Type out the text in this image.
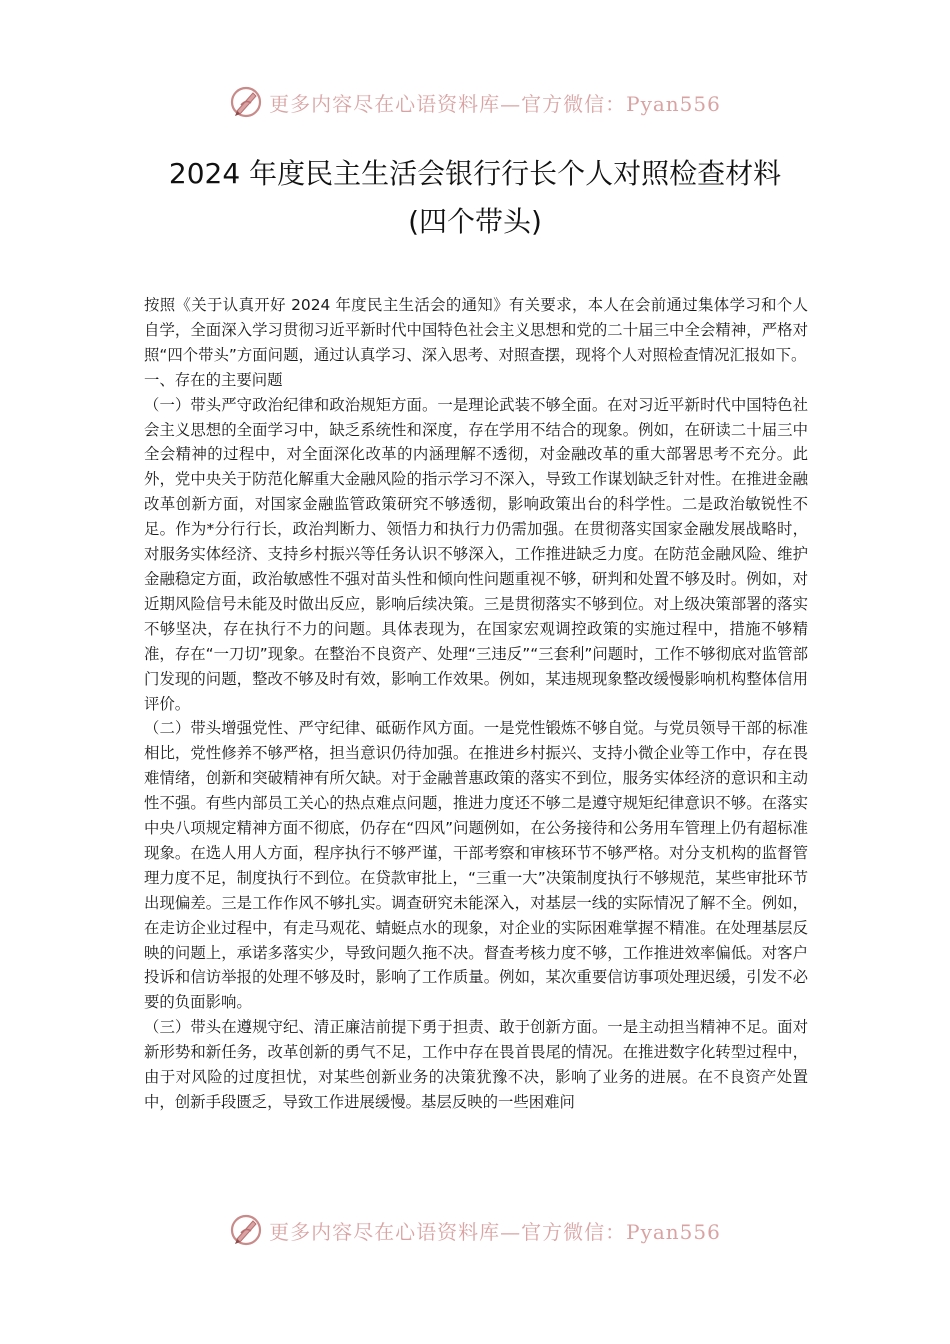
更多内容尽在心语资料库—官方微信：Pyan556
2024 年度民主生活会银行行长个人对照检查材料
(四个带头)

按照《关于认真开好 2024 年度民主生活会的通知》有关要求，本人在会前通过集体学习和个人自学，全面深入学习贯彻习近平新时代中国特色社会主义思想和党的二十届三中全会精神，严格对照“四个带头”方面问题，通过认真学习、深入思考、对照查摆，现将个人对照检查情况汇报如下。

一、存在的主要问题

（一）带头严守政治纪律和政治规矩方面。一是理论武装不够全面。在对习近平新时代中国特色社会主义思想的全面学习中，缺乏系统性和深度，存在学用不结合的现象。例如，在研读二十届三中全会精神的过程中，对全面深化改革的内涵理解不透彻，对金融改革的重大部署思考不充分。此外，党中央关于防范化解重大金融风险的指示学习不深入，导致工作谋划缺乏针对性。在推进金融改革创新方面，对国家金融监管政策研究不够透彻，影响政策出台的科学性。二是政治敏锐性不足。作为*分行行长，政治判断力、领悟力和执行力仍需加强。在贯彻落实国家金融发展战略时，对服务实体经济、支持乡村振兴等任务认识不够深入，工作推进缺乏力度。在防范金融风险、维护金融稳定方面，政治敏感性不强对苗头性和倾向性问题重视不够，研判和处置不够及时。例如，对近期风险信号未能及时做出反应，影响后续决策。三是贯彻落实不够到位。对上级决策部署的落实不够坚决，存在执行不力的问题。具体表现为，在国家宏观调控政策的实施过程中，措施不够精准，存在“一刀切”现象。在整治不良资产、处理“三违反”“三套利”问题时，工作不够彻底对监管部门发现的问题，整改不够及时有效，影响工作效果。例如，某违规现象整改缓慢影响机构整体信用评价。

（二）带头增强党性、严守纪律、砥砺作风方面。一是党性锻炼不够自觉。与党员领导干部的标准相比，党性修养不够严格，担当意识仍待加强。在推进乡村振兴、支持小微企业等工作中，存在畏难情绪，创新和突破精神有所欠缺。对于金融普惠政策的落实不到位，服务实体经济的意识和主动性不强。有些内部员工关心的热点难点问题，推进力度还不够二是遵守规矩纪律意识不够。在落实中央八项规定精神方面不彻底，仍存在“四风”问题例如，在公务接待和公务用车管理上仍有超标准现象。在选人用人方面，程序执行不够严谨，干部考察和审核环节不够严格。对分支机构的监督管理力度不足，制度执行不到位。在贷款审批上，“三重一大”决策制度执行不够规范，某些审批环节出现偏差。三是工作作风不够扎实。调查研究未能深入，对基层一线的实际情况了解不全。例如，在走访企业过程中，有走马观花、蜻蜓点水的现象，对企业的实际困难掌握不精准。在处理基层反映的问题上，承诺多落实少，导致问题久拖不决。督查考核力度不够，工作推进效率偏低。对客户投诉和信访举报的处理不够及时，影响了工作质量。例如，某次重要信访事项处理迟缓，引发不必要的负面影响。

（三）带头在遵规守纪、清正廉洁前提下勇于担责、敢于创新方面。一是主动担当精神不足。面对新形势和新任务，改革创新的勇气不足，工作中存在畏首畏尾的情况。在推进数字化转型过程中，由于对风险的过度担忧，对某些创新业务的决策犹豫不决，影响了业务的进展。在不良资产处置中，创新手段匮乏，导致工作进展缓慢。基层反映的一些困难问

更多内容尽在心语资料库—官方微信：Pyan556
